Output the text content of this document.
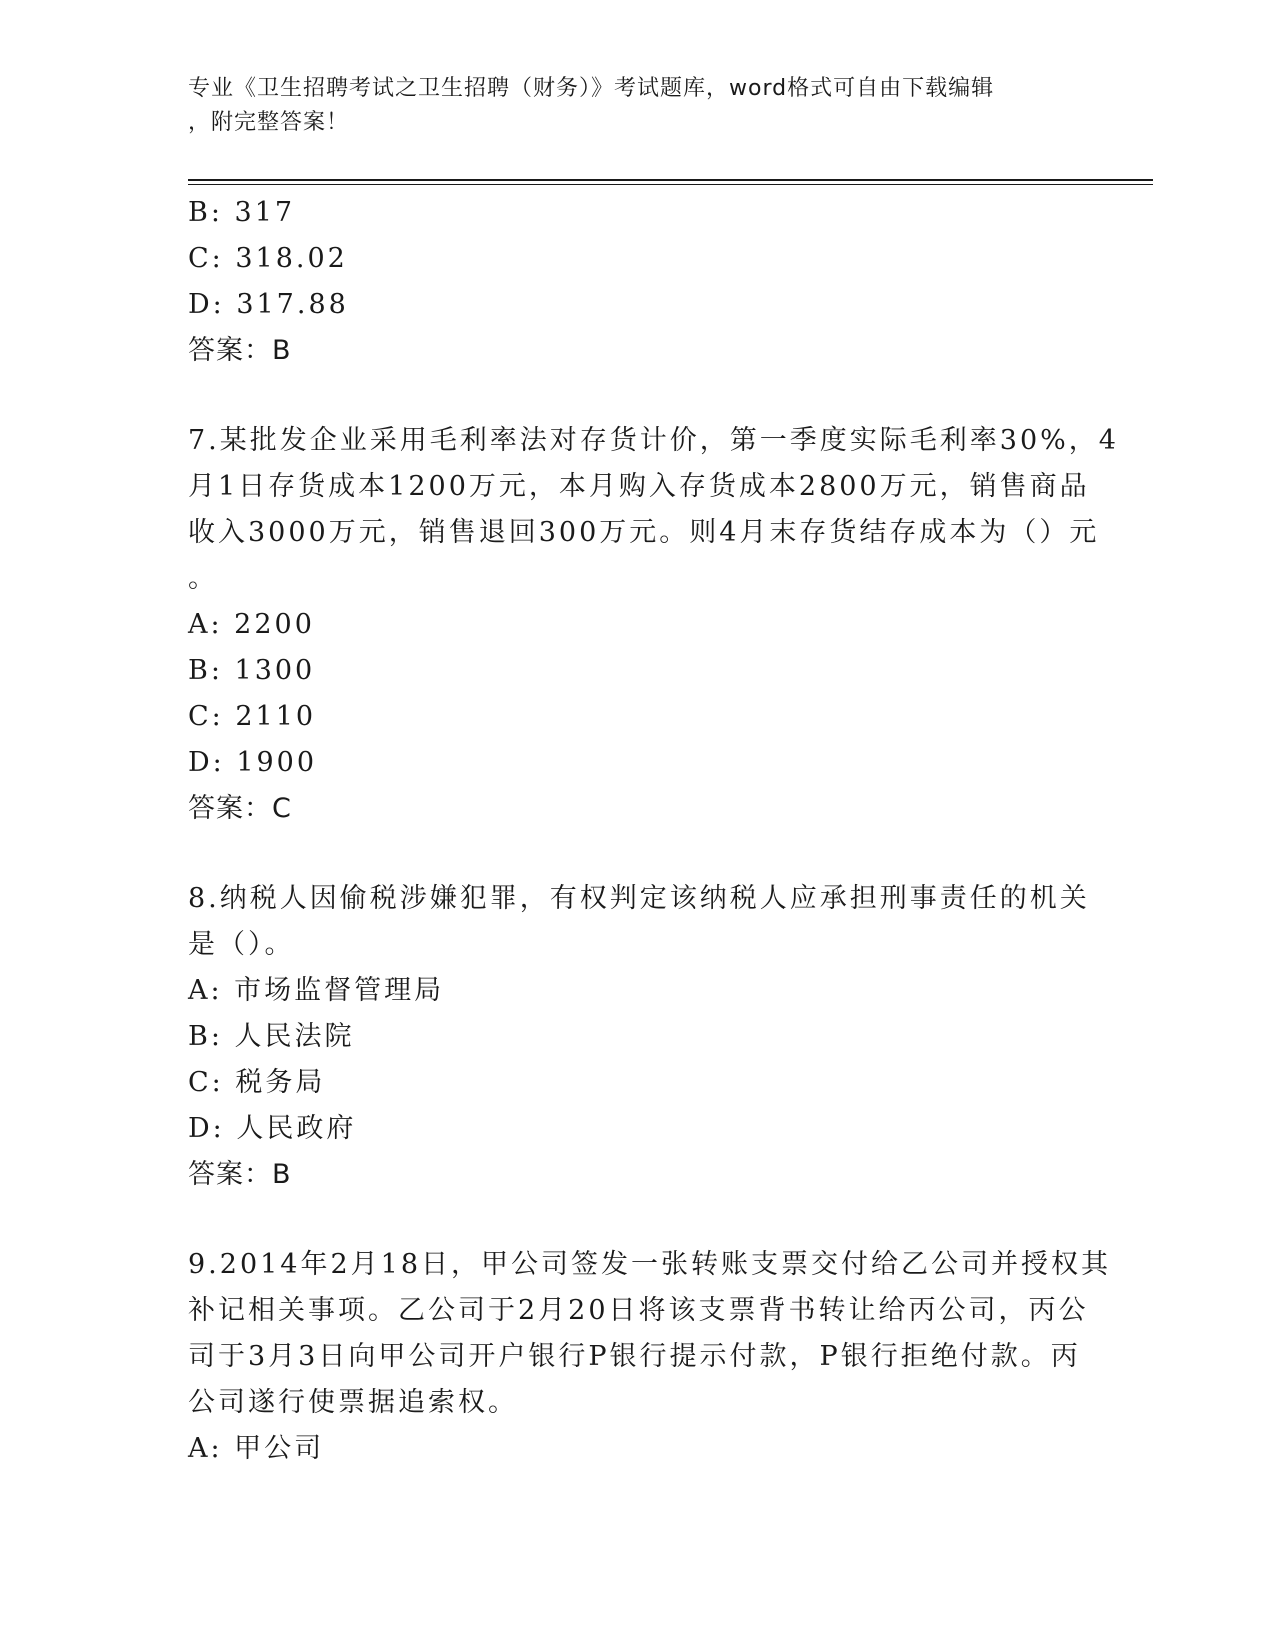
专业《卫生招聘考试之卫生招聘（财务）》考试题库，word格式可自由下载编辑
，附完整答案！
B: 317
C: 318.02
D: 317.88
答案：B
7.某批发企业采用毛利率法对存货计价，第一季度实际毛利率30%，4
月1日存货成本1200万元，本月购入存货成本2800万元，销售商品
收入3000万元，销售退回300万元。则4月末存货结存成本为（）元
。
A: 2200
B: 1300
C: 2110
D: 1900
答案：C
8.纳税人因偷税涉嫌犯罪，有权判定该纳税人应承担刑事责任的机关
是（）。
A: 市场监督管理局
B: 人民法院
C: 税务局
D: 人民政府
答案：B
9.2014年2月18日，甲公司签发一张转账支票交付给乙公司并授权其
补记相关事项。乙公司于2月20日将该支票背书转让给丙公司，丙公
司于3月3日向甲公司开户银行P银行提示付款，P银行拒绝付款。丙
公司遂行使票据追索权。
A: 甲公司
